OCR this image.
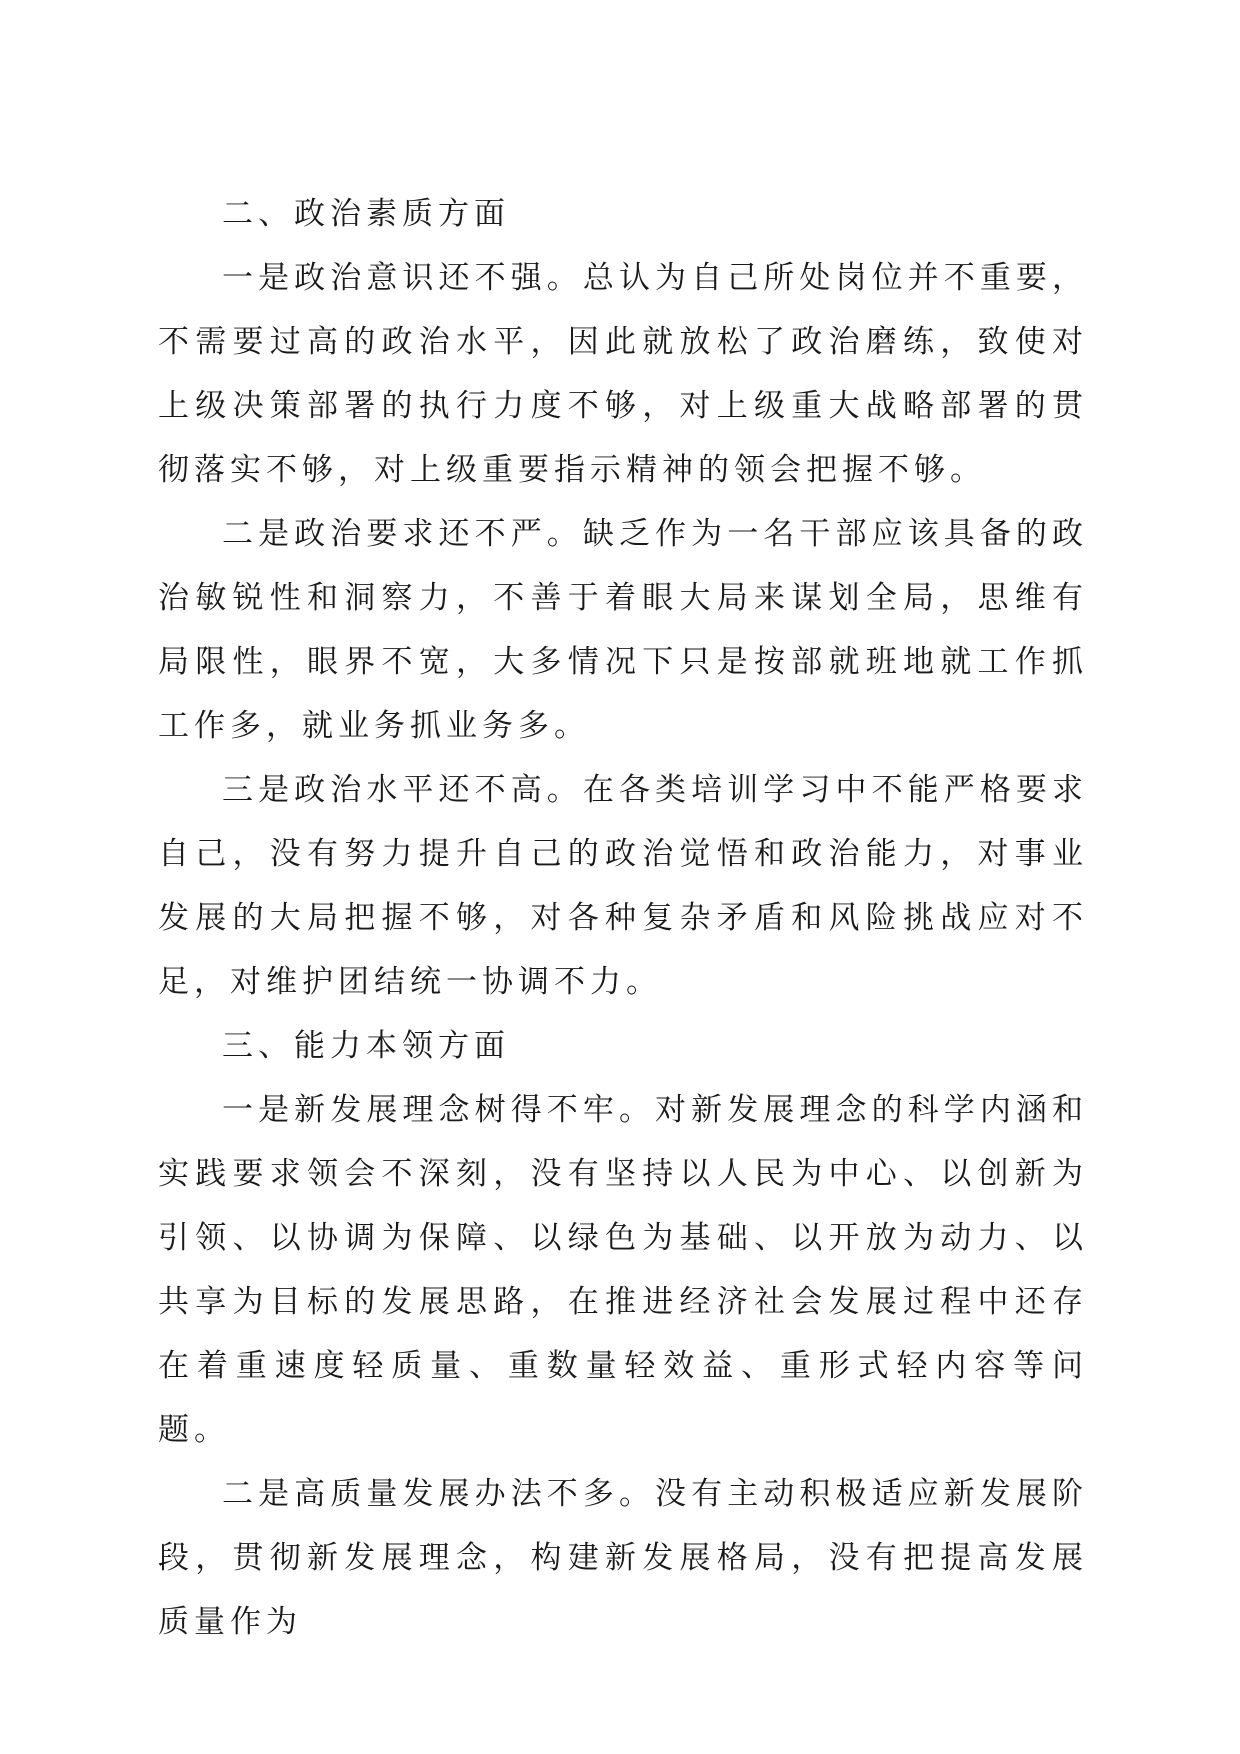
二、政治素质方面

一是政治意识还不强。总认为自己所处岗位并不重要，不需要过高的政治水平，因此就放松了政治磨练，致使对上级决策部署的执行力度不够，对上级重大战略部署的贯彻落实不够，对上级重要指示精神的领会把握不够。

二是政治要求还不严。缺乏作为一名干部应该具备的政治敏锐性和洞察力，不善于着眼大局来谋划全局，思维有局限性，眼界不宽，大多情况下只是按部就班地就工作抓工作多，就业务抓业务多。

三是政治水平还不高。在各类培训学习中不能严格要求自己，没有努力提升自己的政治觉悟和政治能力，对事业发展的大局把握不够，对各种复杂矛盾和风险挑战应对不足，对维护团结统一协调不力。

三、能力本领方面

一是新发展理念树得不牢。对新发展理念的科学内涵和实践要求领会不深刻，没有坚持以人民为中心、以创新为引领、以协调为保障、以绿色为基础、以开放为动力、以共享为目标的发展思路，在推进经济社会发展过程中还存在着重速度轻质量、重数量轻效益、重形式轻内容等问题。

二是高质量发展办法不多。没有主动积极适应新发展阶段，贯彻新发展理念，构建新发展格局，没有把提高发展质量作为
